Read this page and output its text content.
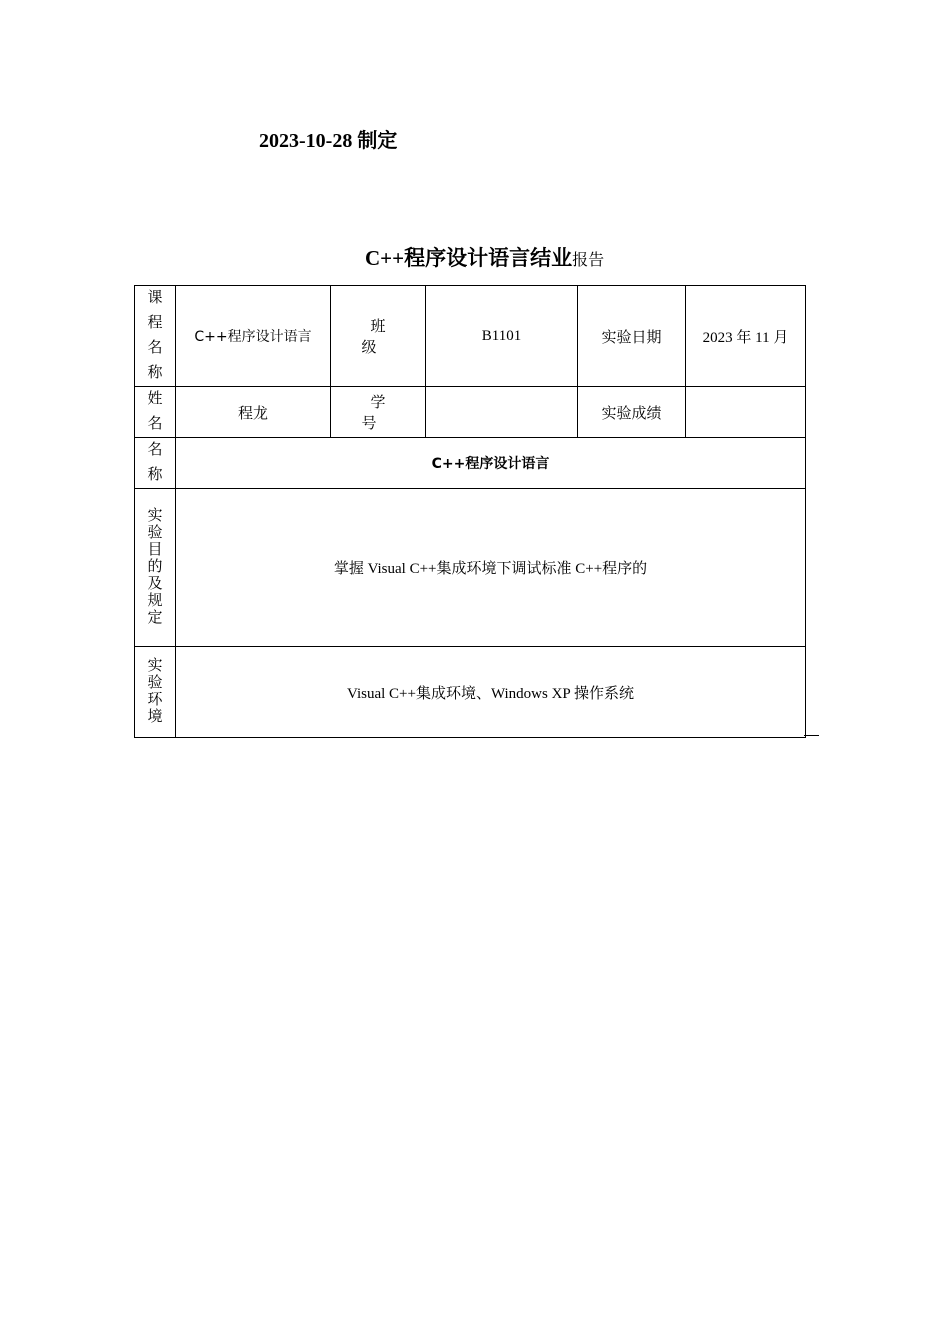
2023-10-28 制定
C++程序设计语言结业报告
课程名称	C++程序设计语言	班 级	B1101	实验日期	2023 年 11 月

姓名	程龙	学 号		实验成绩	

名称	C++程序设计语言				

实验目的及规定	掌握 Visual C++集成环境下调试标准 C++程序的				

实验环境	Visual C++集成环境、Windows XP 操作系统				
